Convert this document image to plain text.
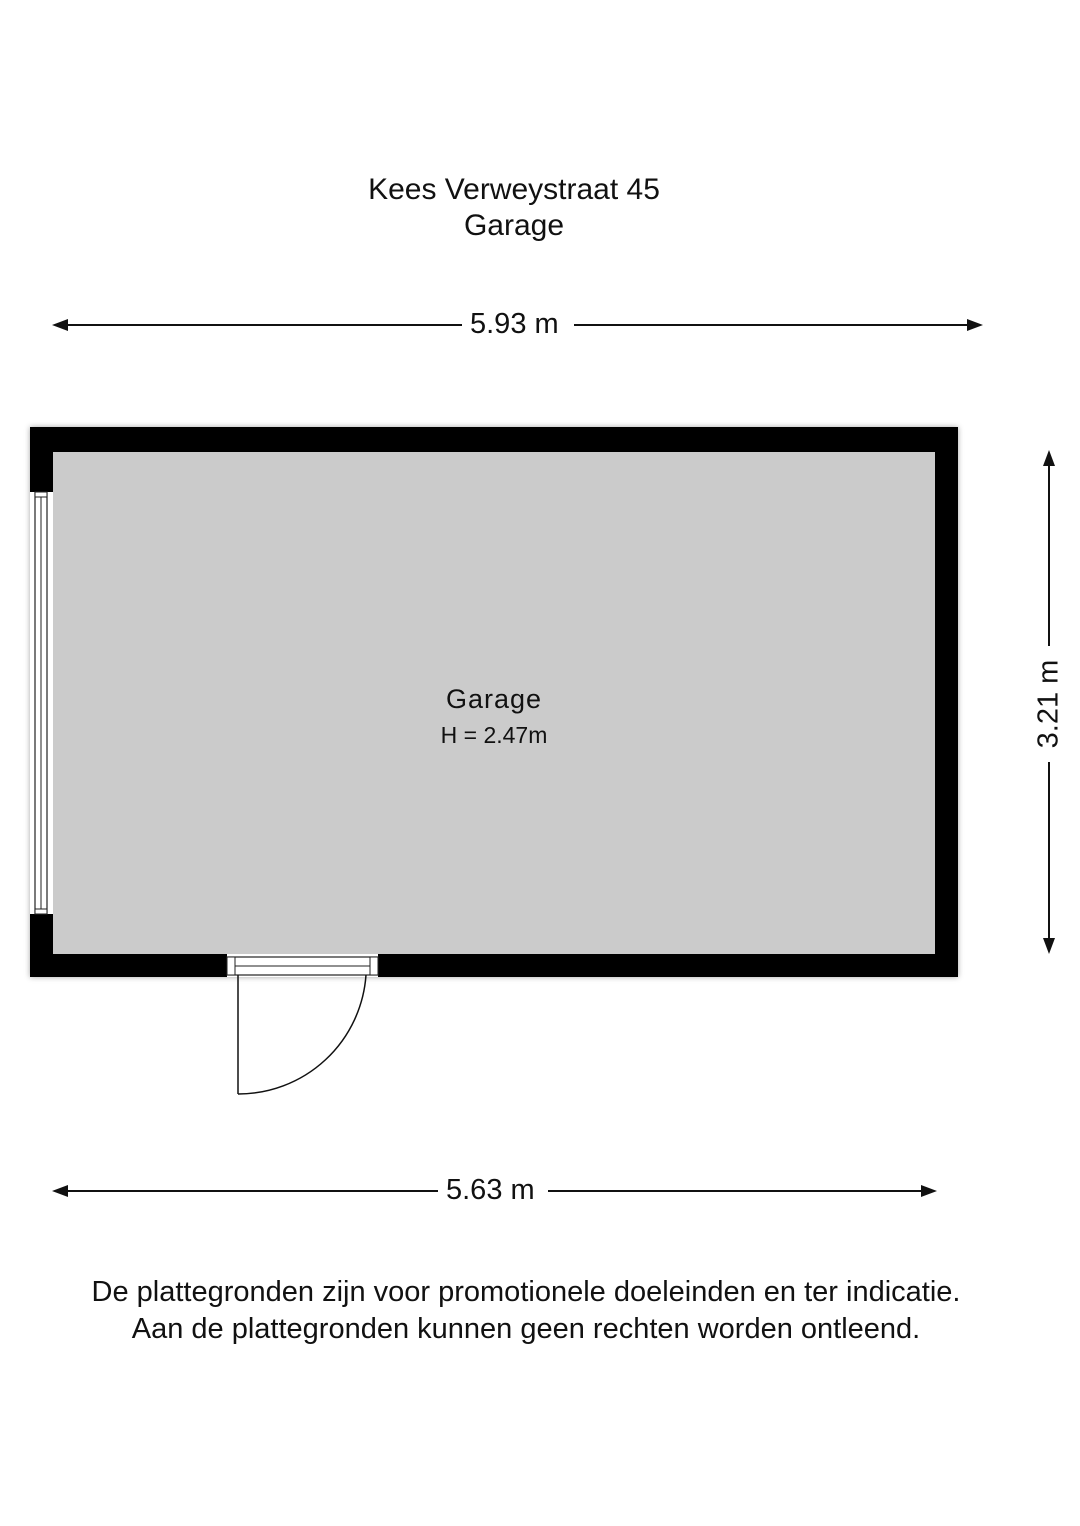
Kees Verweystraat 45
Garage
5.93 m
5.63 m
3.21 m
Garage
H = 2.47m
De plattegronden zijn voor promotionele doeleinden en ter indicatie.
Aan de plattegronden kunnen geen rechten worden ontleend.
